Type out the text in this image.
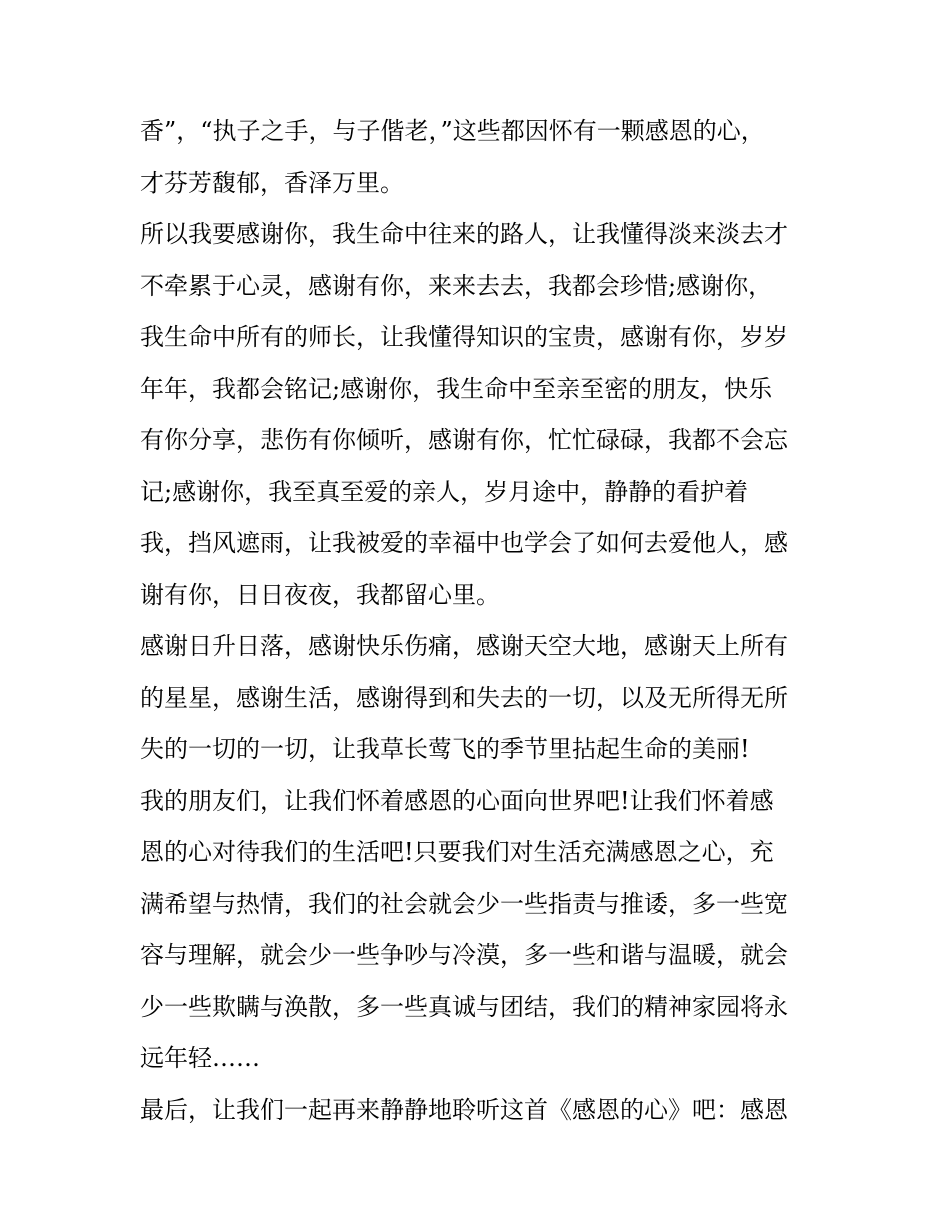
香”，“执子之手，与子偕老，”这些都因怀有一颗感恩的心，
才芬芳馥郁，香泽万里。
所以我要感谢你，我生命中往来的路人，让我懂得淡来淡去才
不牵累于心灵，感谢有你，来来去去，我都会珍惜;感谢你，
我生命中所有的师长，让我懂得知识的宝贵，感谢有你，岁岁
年年，我都会铭记;感谢你，我生命中至亲至密的朋友，快乐
有你分享，悲伤有你倾听，感谢有你，忙忙碌碌，我都不会忘
记;感谢你，我至真至爱的亲人，岁月途中，静静的看护着
我，挡风遮雨，让我被爱的幸福中也学会了如何去爱他人，感
谢有你，日日夜夜，我都留心里。
感谢日升日落，感谢快乐伤痛，感谢天空大地，感谢天上所有
的星星，感谢生活，感谢得到和失去的一切，以及无所得无所
失的一切的一切，让我草长莺飞的季节里拈起生命的美丽!
我的朋友们，让我们怀着感恩的心面向世界吧!让我们怀着感
恩的心对待我们的生活吧!只要我们对生活充满感恩之心，充
满希望与热情，我们的社会就会少一些指责与推诿，多一些宽
容与理解，就会少一些争吵与冷漠，多一些和谐与温暖，就会
少一些欺瞒与涣散，多一些真诚与团结，我们的精神家园将永
远年轻……
最后，让我们一起再来静静地聆听这首《感恩的心》吧：感恩
